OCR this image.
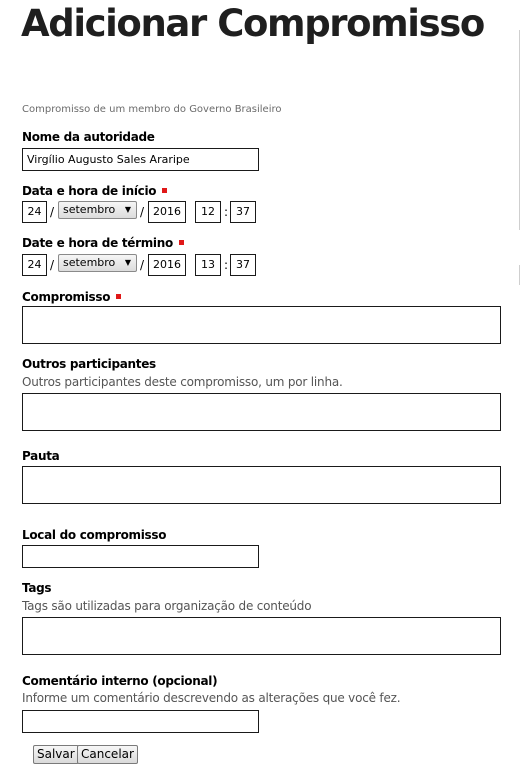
Adicionar Compromisso
Compromisso de um membro do Governo Brasileiro
Nome da autoridade
Virgílio Augusto Sales Araripe
Data e hora de início
24 / setembro ▼ / 2016	12 : 37
Date e hora de término
24 / setembro ▼ / 2016	13 : 37
Compromisso
Outros participantes
Outros participantes deste compromisso, um por linha.
Pauta
Local do compromisso
Tags
Tags são utilizadas para organização de conteúdo
Comentário interno (opcional)
Informe um comentário descrevendo as alterações que você fez.
Salvar Cancelar
